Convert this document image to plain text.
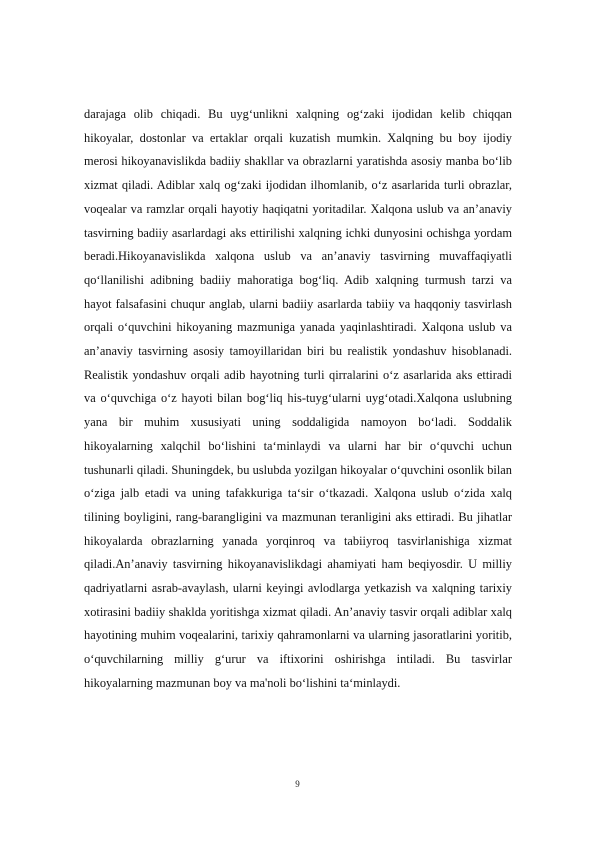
darajaga olib chiqadi. Bu uyg‘unlikni xalqning og‘zaki ijodidan kelib chiqqan hikoyalar, dostonlar va ertaklar orqali kuzatish mumkin. Xalqning bu boy ijodiy merosi hikoyanavislikda badiiy shakllar va obrazlarni yaratishda asosiy manba bo‘lib xizmat qiladi. Adiblar xalq og‘zaki ijodidan ilhomlanib, o‘z asarlarida turli obrazlar, voqealar va ramzlar orqali hayotiy haqiqatni yoritadilar. Xalqona uslub va an’anaviy tasvirning badiiy asarlardagi aks ettirilishi xalqning ichki dunyosini ochishga yordam beradi.Hikoyanavislikda xalqona uslub va an’anaviy tasvirning muvaffaqiyatli qo‘llanilishi adibning badiiy mahoratiga bog‘liq. Adib xalqning turmush tarzi va hayot falsafasini chuqur anglab, ularni badiiy asarlarda tabiiy va haqqoniy tasvirlash orqali o‘quvchini hikoyaning mazmuniga yanada yaqinlashtiradi. Xalqona uslub va an’anaviy tasvirning asosiy tamoyillaridan biri bu realistik yondashuv hisoblanadi. Realistik yondashuv orqali adib hayotning turli qirralarini o‘z asarlarida aks ettiradi va o‘quvchiga o‘z hayoti bilan bog‘liq his-tuyg‘ularni uyg‘otadi.Xalqona uslubning yana bir muhim xususiyati uning soddaligida namoyon bo‘ladi. Soddalik hikoyalarning xalqchil bo‘lishini ta‘minlaydi va ularni har bir o‘quvchi uchun tushunarli qiladi. Shuningdek, bu uslubda yozilgan hikoyalar o‘quvchini osonlik bilan o‘ziga jalb etadi va uning tafakkuriga ta‘sir o‘tkazadi. Xalqona uslub o‘zida xalq tilining boyligini, rang-barangligini va mazmunan teranligini aks ettiradi. Bu jihatlar hikoyalarda obrazlarning yanada yorqinroq va tabiiyroq tasvirlanishiga xizmat qiladi.An’anaviy tasvirning hikoyanavislikdagi ahamiyati ham beqiyosdir. U milliy qadriyatlarni asrab-avaylash, ularni keyingi avlodlarga yetkazish va xalqning tarixiy xotirasini badiiy shaklda yoritishga xizmat qiladi. An’anaviy tasvir orqali adiblar xalq hayotining muhim voqealarini, tarixiy qahramonlarni va ularning jasoratlarini yoritib, o‘quvchilarning milliy g‘urur va iftixorini oshirishga intiladi. Bu tasvirlar hikoyalarning mazmunan boy va ma'noli bo‘lishini ta‘minlaydi.

9
